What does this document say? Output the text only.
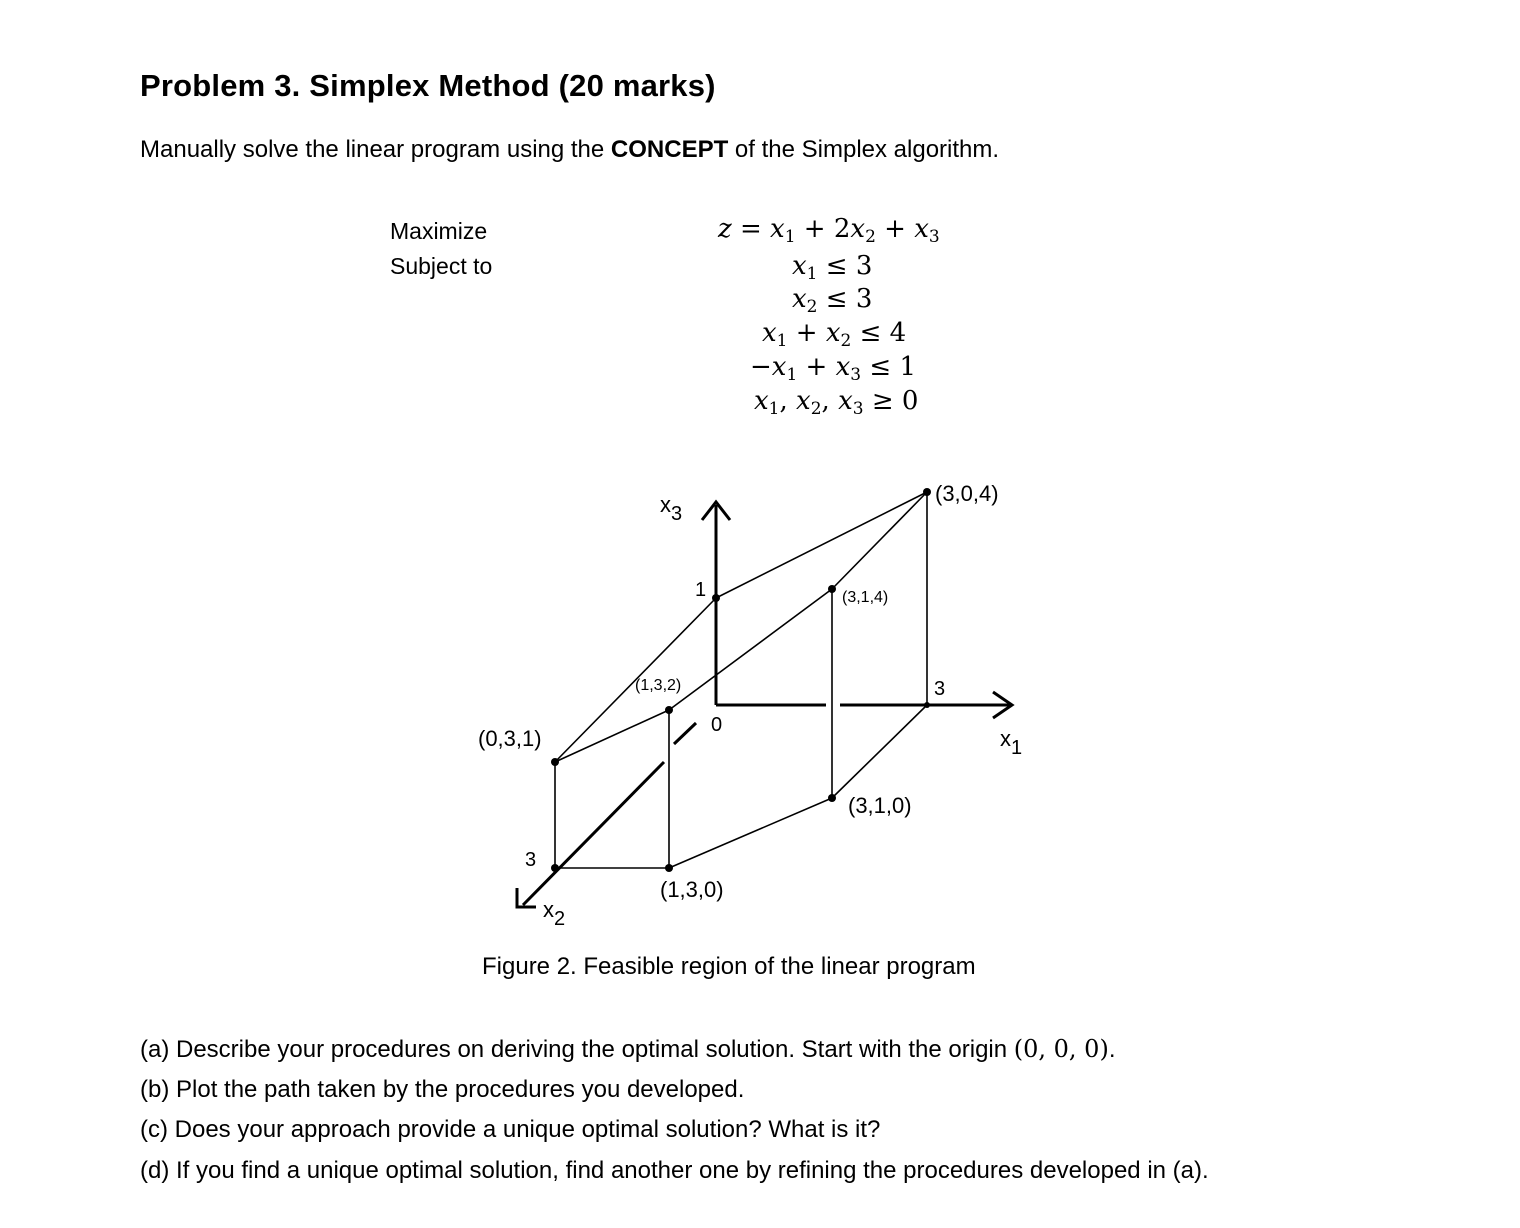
Problem 3. Simplex Method (20 marks)
Manually solve the linear program using the CONCEPT of the Simplex algorithm.
Maximize
Subject to
$z = x_1 + 2x_2 + x_3$
$x_1 \le 3$
$x_2 \le 3$
$x_1 + x_2 \le 4$
$-x_1 + x_3 \le 1$
$x_1$, $x_2$, $x_3 \ge 0$
x3
x1
x2
1
3
3
0
(3,0,4)
(3,1,4)
(1,3,2)
(0,3,1)
(3,1,0)
(1,3,0)
Figure 2. Feasible region of the linear program
(a) Describe your procedures on deriving the optimal solution. Start with the origin (0, 0, 0).
(b) Plot the path taken by the procedures you developed.
(c) Does your approach provide a unique optimal solution? What is it?
(d) If you find a unique optimal solution, find another one by refining the procedures developed in (a).
